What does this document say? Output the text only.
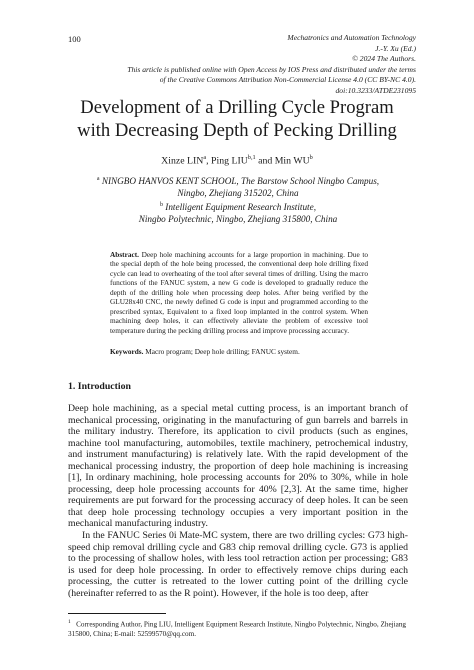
100	Mechatronics and Automation Technology
J.-Y. Xu (Ed.)
© 2024 The Authors.
This article is published online with Open Access by IOS Press and distributed under the terms
of the Creative Commons Attribution Non-Commercial License 4.0 (CC BY-NC 4.0).
doi:10.3233/ATDE231095
Development of a Drilling Cycle Program
with Decreasing Depth of Pecking Drilling
Xinze LIN$^a$, Ping LIU$^{b,1}$ and Min $WU^b$
$^a$ NINGBO HANVOS KENT SCHOOL, The Barstow School Ningbo Campus,
Ningbo, Zhejiang 315202, China
$^b$ Intelligent Equipment Research Institute,
Ningbo Polytechnic, Ningbo, Zhejiang 315800, China
Abstract. Deep hole machining accounts for a large proportion in machining. Due to the special depth of the hole being processed, the conventional deep hole drilling fixed cycle can lead to overheating of the tool after several times of drilling. Using the macro functions of the FANUC system, a new G code is developed to gradually reduce the depth of the drilling hole when processing deep holes. After being verified by the GLU28x40 CNC, the newly defined G code is input and programmed according to the prescribed syntax, Equivalent to a fixed loop implanted in the control system. When machining deep holes, it can effectively alleviate the problem of excessive tool temperature during the pecking drilling process and improve processing accuracy.
Keywords. Macro program; Deep hole drilling; FANUC system.
1. Introduction

Deep hole machining, as a special metal cutting process, is an important branch of mechanical processing, originating in the manufacturing of gun barrels and barrels in the military industry. Therefore, its application to civil products (such as engines, machine tool manufacturing, automobiles, textile machinery, petrochemical industry, and instrument manufacturing) is relatively late. With the rapid development of the mechanical processing industry, the proportion of deep hole machining is increasing [1], In ordinary machining, hole processing accounts for 20% to 30%, while in hole processing, deep hole processing accounts for 40% [2,3]. At the same time, higher requirements are put forward for the processing accuracy of deep holes. It can be seen that deep hole processing technology occupies a very important position in the mechanical manufacturing industry.

In the FANUC Series 0i Mate-MC system, there are two drilling cycles: G73 high-speed chip removal drilling cycle and G83 chip removal drilling cycle. G73 is applied to the processing of shallow holes, with less tool retraction action per processing; G83 is used for deep hole processing. In order to effectively remove chips during each processing, the cutter is retreated to the lower cutting point of the drilling cycle (hereinafter referred to as the R point). However, if the hole is too deep, after

$^1$ Corresponding Author, Ping LIU, Intelligent Equipment Research Institute, Ningbo Polytechnic, Ningbo, Zhejiang 315800, China; E-mail: 52599570@qq.com.
